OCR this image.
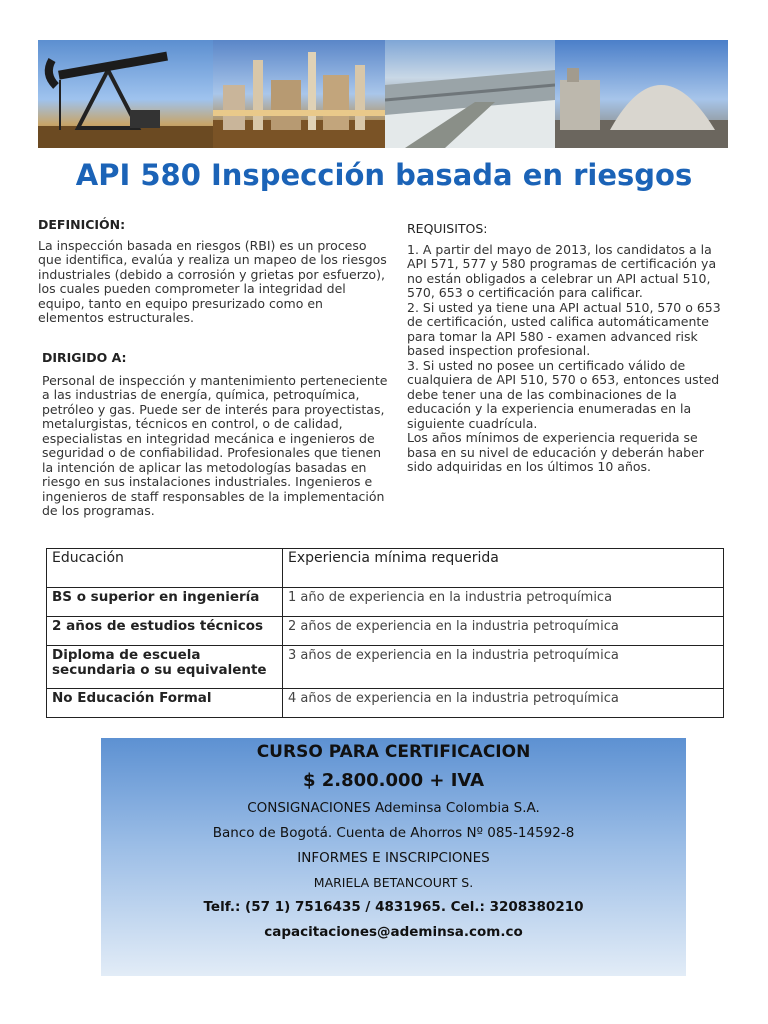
API 580 Inspección basada en riesgos
DEFINICIÓN:

La inspección basada en riesgos (RBI) es un proceso que identifica, evalúa y realiza un mapeo de los riesgos industriales (debido a corrosión y grietas por esfuerzo), los cuales pueden comprometer la integridad del equipo, tanto en equipo presurizado como en elementos estructurales.

DIRIGIDO A:

Personal de inspección y mantenimiento perteneciente a las industrias de energía, química, petroquímica, petróleo y gas. Puede ser de interés para proyectistas, metalurgistas, técnicos en control, o de calidad, especialistas en integridad mecánica e ingenieros de seguridad o de confiabilidad. Profesionales que tienen la intención de aplicar las metodologías basadas en riesgo en sus instalaciones industriales. Ingenieros e ingenieros de staff responsables de la implementación de los programas.

REQUISITOS:

1. A partir del mayo de 2013, los candidatos a la API 571, 577 y 580 programas de certificación ya no están obligados a celebrar un API actual 510, 570, 653 o certificación para calificar.

2. Si usted ya tiene una API actual 510, 570 o 653 de certificación, usted califica automáticamente para tomar la API 580 - examen advanced risk based inspection profesional.

3. Si usted no posee un certificado válido de cualquiera de API 510, 570 o 653, entonces usted debe tener una de las combinaciones de la educación y la experiencia enumeradas en la siguiente cuadrícula.

Los años mínimos de experiencia requerida se basa en su nivel de educación y deberán haber sido adquiridas en los últimos 10 años.

Educación	Experiencia mínima requerida
BS o superior en ingeniería	1 año de experiencia en la industria petroquímica
2 años de estudios técnicos	2 años de experiencia en la industria petroquímica
Diploma de escuela secundaria o su equivalente	3 años de experiencia en la industria petroquímica
No Educación Formal	4 años de experiencia en la industria petroquímica
CURSO PARA CERTIFICACION
$ 2.800.000 + IVA
CONSIGNACIONES Ademinsa Colombia S.A.
Banco de Bogotá. Cuenta de Ahorros Nº 085-14592-8
INFORMES E INSCRIPCIONES
MARIELA BETANCOURT S.
Telf.: (57 1) 7516435 / 4831965. Cel.: 3208380210
capacitaciones@ademinsa.com.co
